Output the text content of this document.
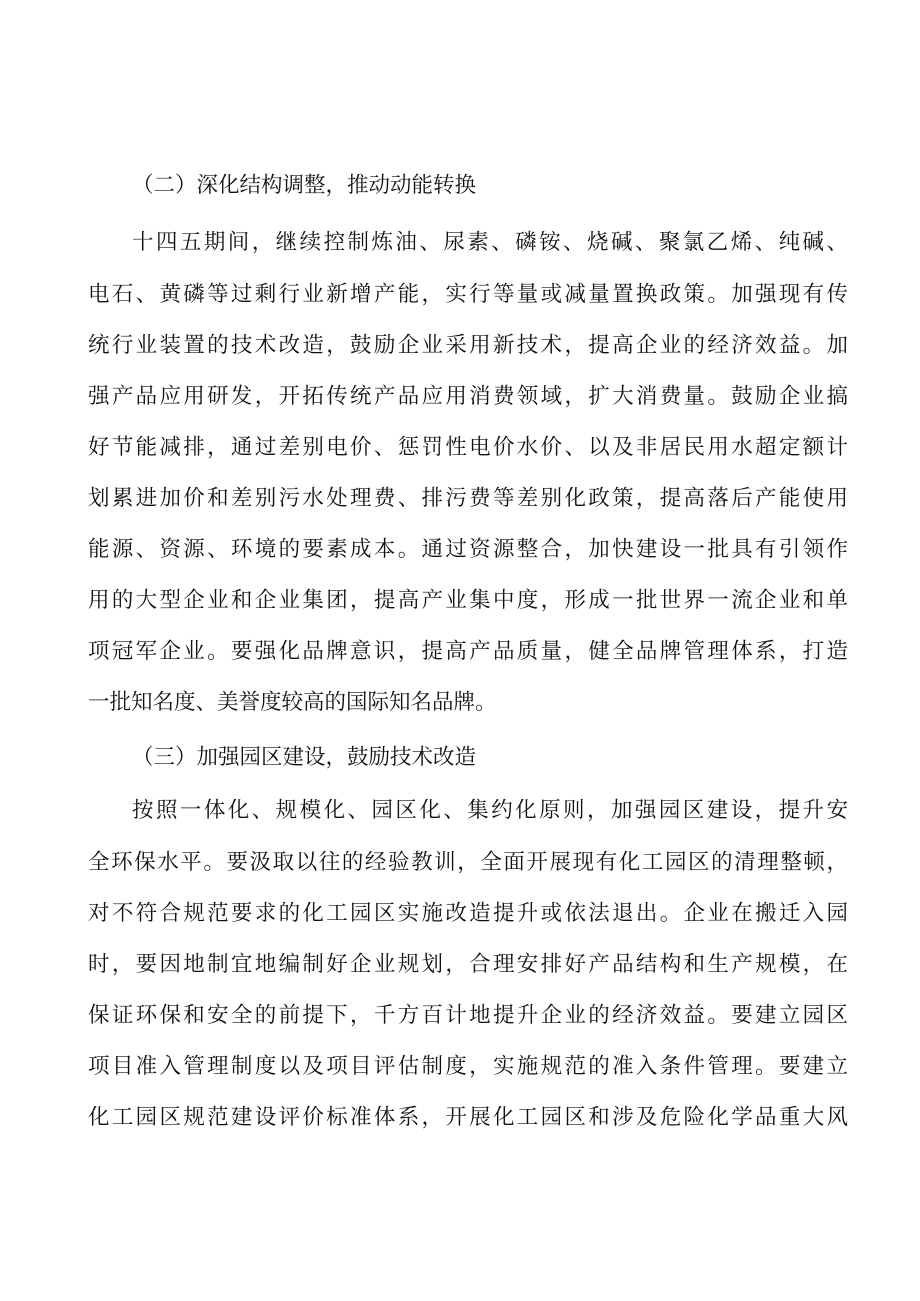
（二）深化结构调整，推动动能转换
十四五期间，继续控制炼油、尿素、磷铵、烧碱、聚氯乙烯、纯碱、
电石、黄磷等过剩行业新增产能，实行等量或减量置换政策。加强现有传
统行业装置的技术改造，鼓励企业采用新技术，提高企业的经济效益。加
强产品应用研发，开拓传统产品应用消费领域，扩大消费量。鼓励企业搞
好节能减排，通过差别电价、惩罚性电价水价、以及非居民用水超定额计
划累进加价和差别污水处理费、排污费等差别化政策，提高落后产能使用
能源、资源、环境的要素成本。通过资源整合，加快建设一批具有引领作
用的大型企业和企业集团，提高产业集中度，形成一批世界一流企业和单
项冠军企业。要强化品牌意识，提高产品质量，健全品牌管理体系，打造
一批知名度、美誉度较高的国际知名品牌。
（三）加强园区建设，鼓励技术改造
按照一体化、规模化、园区化、集约化原则，加强园区建设，提升安
全环保水平。要汲取以往的经验教训，全面开展现有化工园区的清理整顿，
对不符合规范要求的化工园区实施改造提升或依法退出。企业在搬迁入园
时，要因地制宜地编制好企业规划，合理安排好产品结构和生产规模，在
保证环保和安全的前提下，千方百计地提升企业的经济效益。要建立园区
项目准入管理制度以及项目评估制度，实施规范的准入条件管理。要建立
化工园区规范建设评价标准体系，开展化工园区和涉及危险化学品重大风
